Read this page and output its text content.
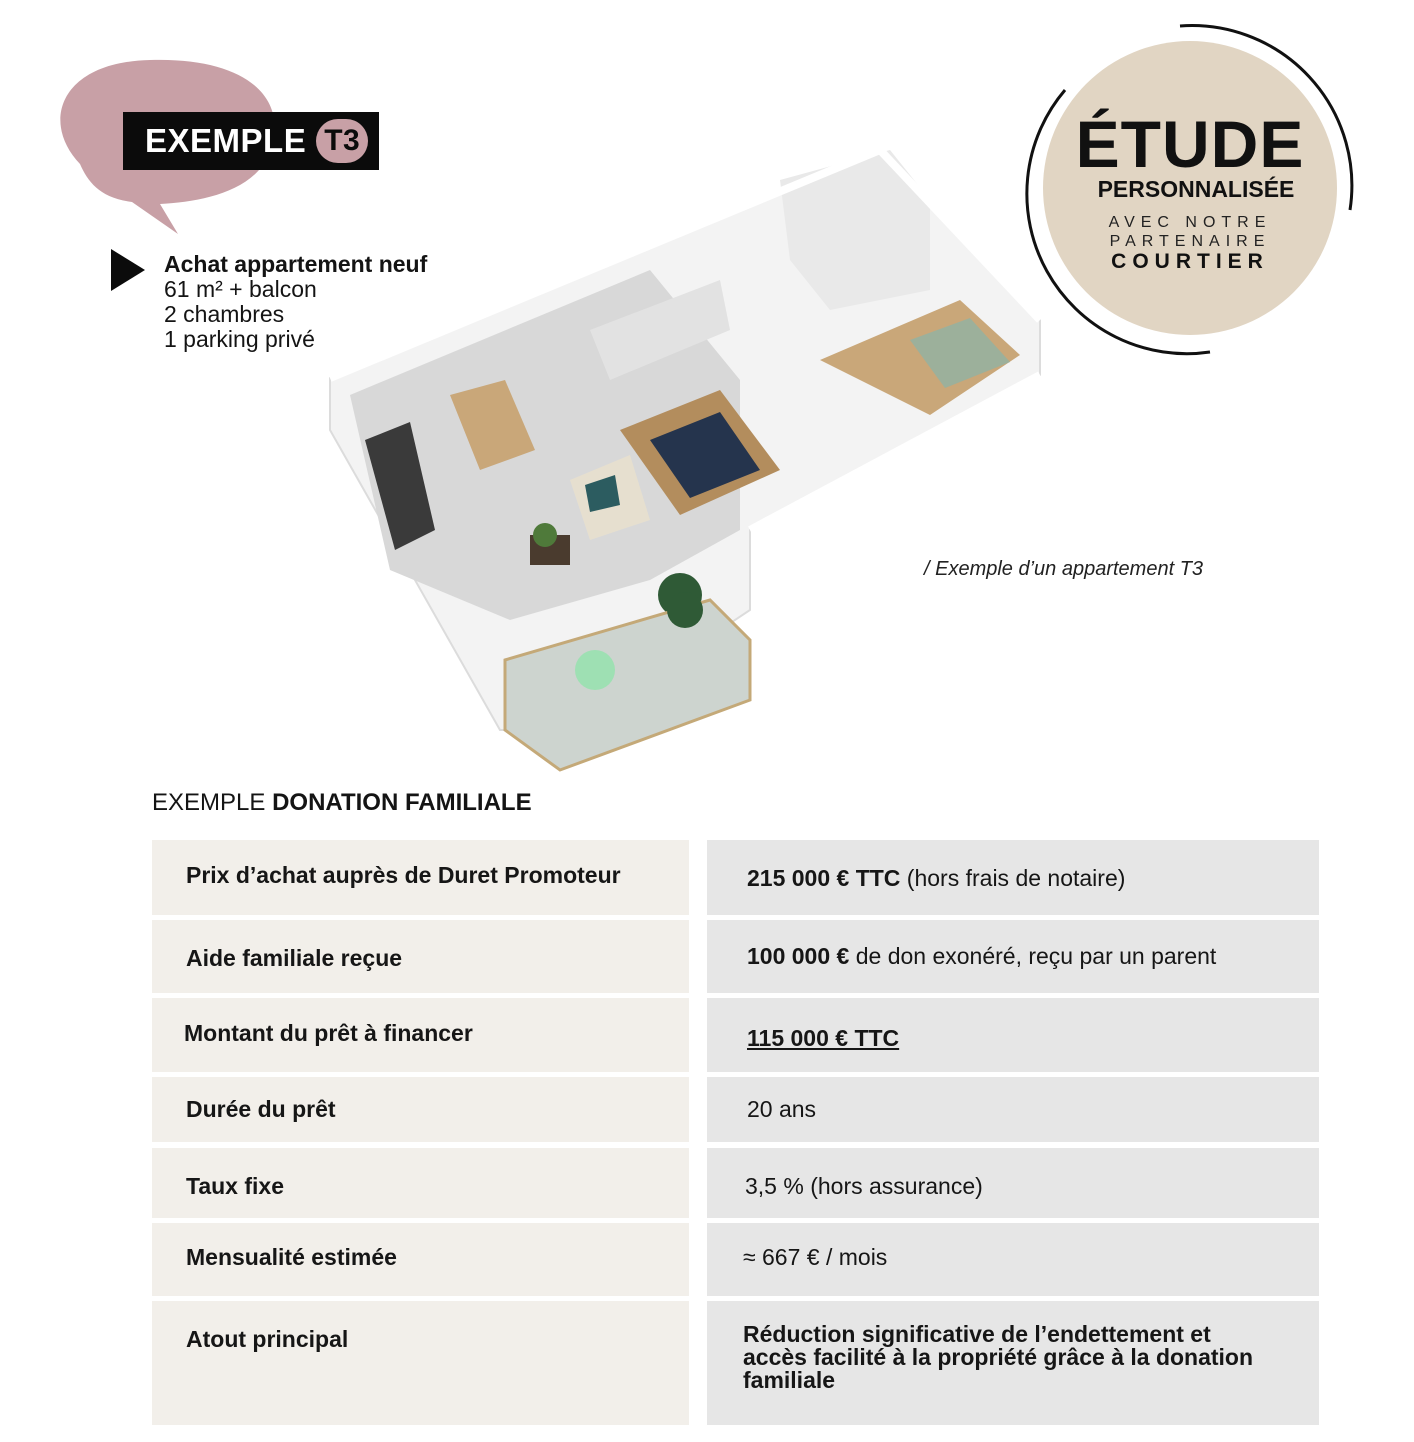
EXEMPLE T3
Achat appartement neuf
61 m² + balcon
2 chambres
1 parking privé
ÉTUDE
PERSONNALISÉE
AVEC NOTRE
PARTENAIRE
COURTIER
/ Exemple d’un appartement T3
EXEMPLE DONATION FAMILIALE
Prix d’achat auprès de Duret Promoteur	215 000 € TTC (hors frais de notaire)
Aide familiale reçue	100 000 € de don exonéré, reçu par un parent
Montant du prêt à financer	115 000 € TTC
Durée du prêt	20 ans
Taux fixe	3,5 % (hors assurance)
Mensualité estimée	≈ 667 € / mois
Atout principal	Réduction significative de l’endettement et accès facilité à la propriété grâce à la donation familiale
